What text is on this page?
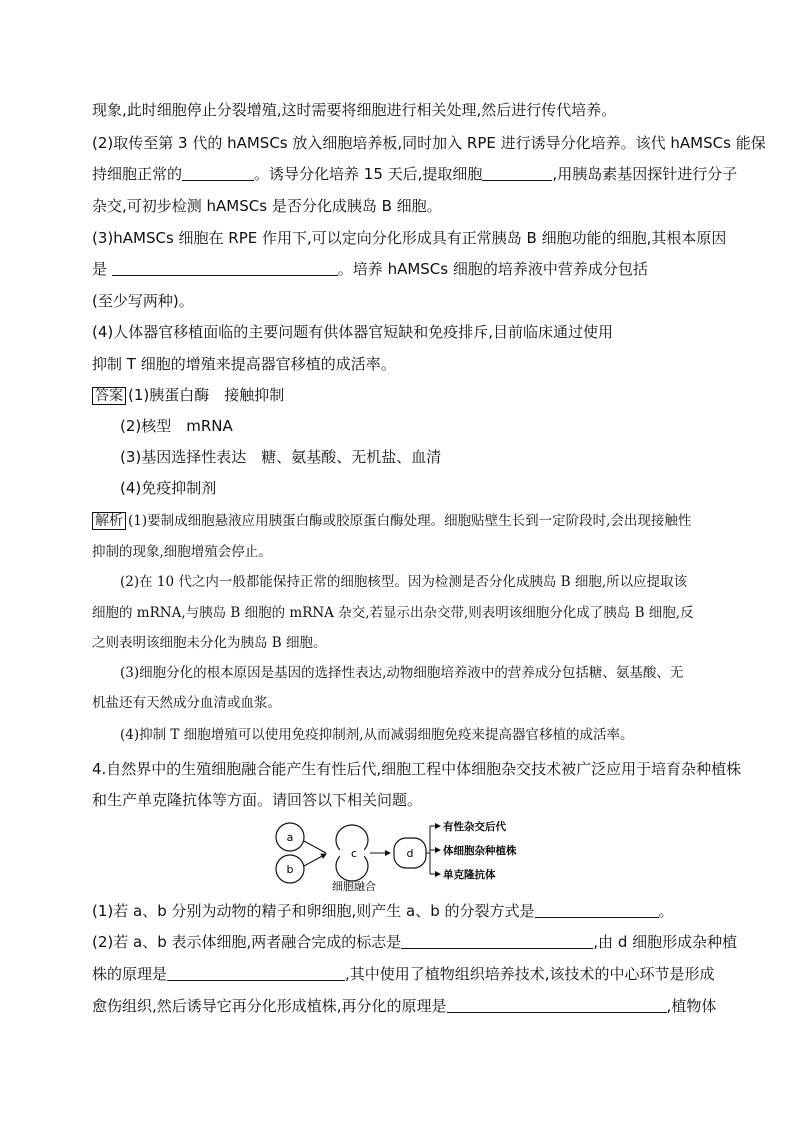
现象,此时细胞停止分裂增殖,这时需要将细胞进行相关处理,然后进行传代培养。
(2)取传至第 3 代的 hAMSCs 放入细胞培养板,同时加入 RPE 进行诱导分化培养。该代 hAMSCs 能保
持细胞正常的	。诱导分化培养 15 天后,提取细胞	,用胰岛素基因探针进行分子
杂交,可初步检测 hAMSCs 是否分化成胰岛 B 细胞。
(3)hAMSCs 细胞在 RPE 作用下,可以定向分化形成具有正常胰岛 B 细胞功能的细胞,其根本原因
是	。培养 hAMSCs 细胞的培养液中营养成分包括
(至少写两种)。
(4)人体器官移植面临的主要问题有供体器官短缺和免疫排斥,目前临床通过使用
抑制 T 细胞的增殖来提高器官移植的成活率。
答案 (1)胰蛋白酶　接触抑制
(2)核型　mRNA
(3)基因选择性表达　糖、氨基酸、无机盐、血清
(4)免疫抑制剂
解析 (1)要制成细胞悬液应用胰蛋白酶或胶原蛋白酶处理。细胞贴壁生长到一定阶段时,会出现接触性
抑制的现象,细胞增殖会停止。
(2)在 10 代之内一般都能保持正常的细胞核型。因为检测是否分化成胰岛 B 细胞,所以应提取该
细胞的 mRNA,与胰岛 B 细胞的 mRNA 杂交,若显示出杂交带,则表明该细胞分化成了胰岛 B 细胞,反
之则表明该细胞未分化为胰岛 B 细胞。
(3)细胞分化的根本原因是基因的选择性表达,动物细胞培养液中的营养成分包括糖、氨基酸、无
机盐还有天然成分血清或血浆。
(4)抑制 T 细胞增殖可以使用免疫抑制剂,从而减弱细胞免疫来提高器官移植的成活率。
4.自然界中的生殖细胞融合能产生有性后代,细胞工程中体细胞杂交技术被广泛应用于培育杂种植株
和生产单克隆抗体等方面。请回答以下相关问题。
a
b
c
细胞融合
d
有性杂交后代
体细胞杂种植株
单克隆抗体
(1)若 a、b 分别为动物的精子和卵细胞,则产生 a、b 的分裂方式是	。
(2)若 a、b 表示体细胞,两者融合完成的标志是	,由 d 细胞形成杂种植
株的原理是	,其中使用了植物组织培养技术,该技术的中心环节是形成
愈伤组织,然后诱导它再分化形成植株,再分化的原理是	,植物体
